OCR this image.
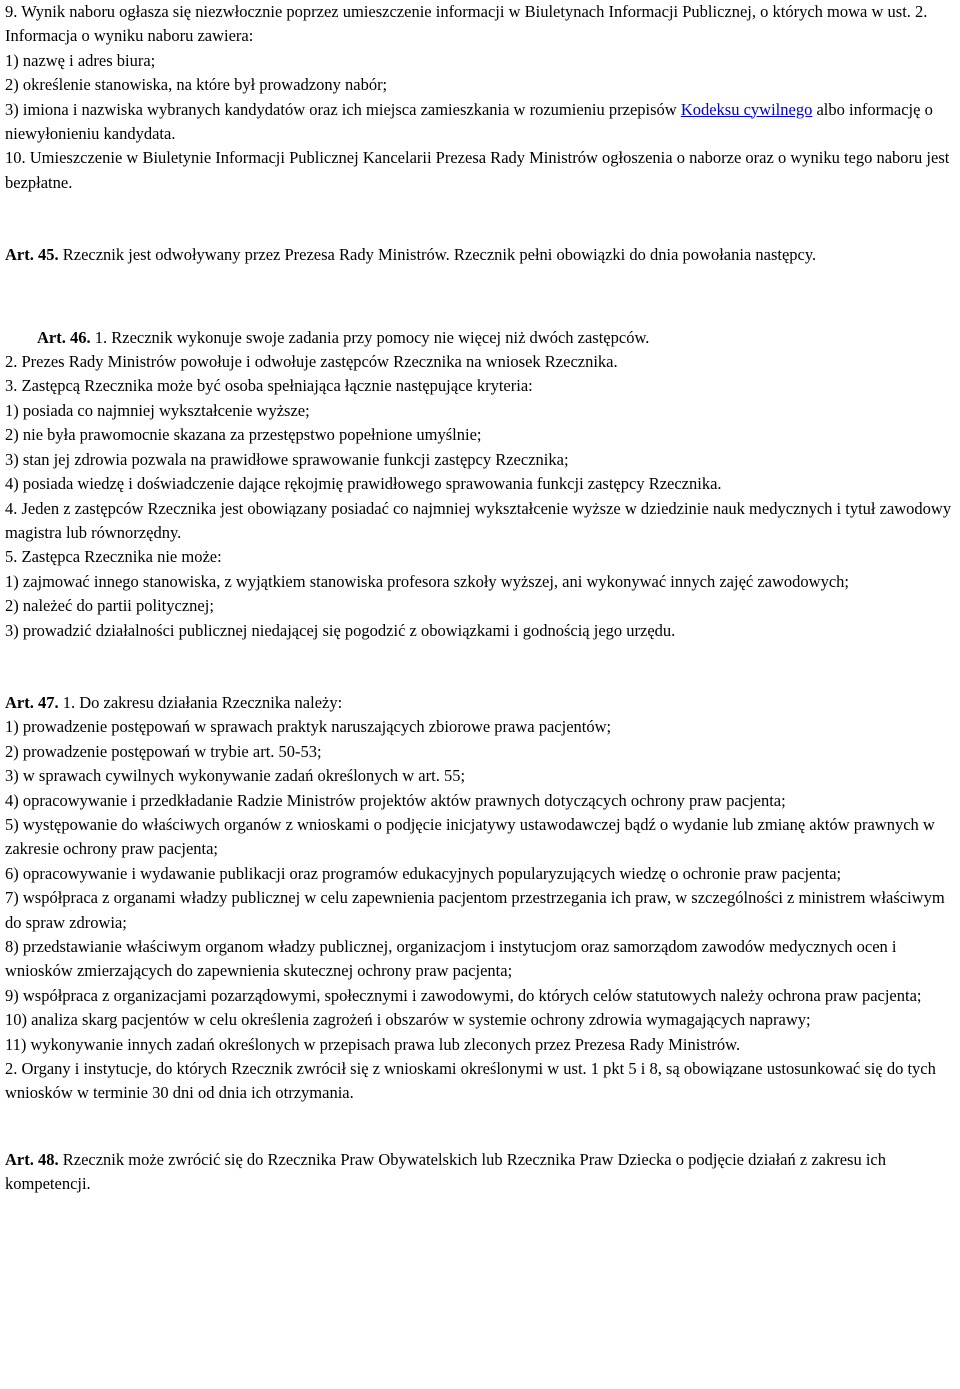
9. Wynik naboru ogłasza się niezwłocznie poprzez umieszczenie informacji w Biuletynach Informacji Publicznej, o których mowa w ust. 2. Informacja o wyniku naboru zawiera:

1) nazwę i adres biura;

2) określenie stanowiska, na które był prowadzony nabór;

3) imiona i nazwiska wybranych kandydatów oraz ich miejsca zamieszkania w rozumieniu przepisów Kodeksu cywilnego albo informację o niewyłonieniu kandydata.

10. Umieszczenie w Biuletynie Informacji Publicznej Kancelarii Prezesa Rady Ministrów ogłoszenia o naborze oraz o wyniku tego naboru jest bezpłatne.

Art. 45. Rzecznik jest odwoływany przez Prezesa Rady Ministrów. Rzecznik pełni obowiązki do dnia powołania następcy.

Art. 46. 1. Rzecznik wykonuje swoje zadania przy pomocy nie więcej niż dwóch zastępców.

2. Prezes Rady Ministrów powołuje i odwołuje zastępców Rzecznika na wniosek Rzecznika.

3. Zastępcą Rzecznika może być osoba spełniająca łącznie następujące kryteria:

1) posiada co najmniej wykształcenie wyższe;

2) nie była prawomocnie skazana za przestępstwo popełnione umyślnie;

3) stan jej zdrowia pozwala na prawidłowe sprawowanie funkcji zastępcy Rzecznika;

4) posiada wiedzę i doświadczenie dające rękojmię prawidłowego sprawowania funkcji zastępcy Rzecznika.

4. Jeden z zastępców Rzecznika jest obowiązany posiadać co najmniej wykształcenie wyższe w dziedzinie nauk medycznych i tytuł zawodowy magistra lub równorzędny.

5. Zastępca Rzecznika nie może:

1) zajmować innego stanowiska, z wyjątkiem stanowiska profesora szkoły wyższej, ani wykonywać innych zajęć zawodowych;

2) należeć do partii politycznej;

3) prowadzić działalności publicznej niedającej się pogodzić z obowiązkami i godnością jego urzędu.

Art. 47. 1. Do zakresu działania Rzecznika należy:

1) prowadzenie postępowań w sprawach praktyk naruszających zbiorowe prawa pacjentów;

2) prowadzenie postępowań w trybie art. 50-53;

3) w sprawach cywilnych wykonywanie zadań określonych w art. 55;

4) opracowywanie i przedkładanie Radzie Ministrów projektów aktów prawnych dotyczących ochrony praw pacjenta;

5) występowanie do właściwych organów z wnioskami o podjęcie inicjatywy ustawodawczej bądź o wydanie lub zmianę aktów prawnych w zakresie ochrony praw pacjenta;

6) opracowywanie i wydawanie publikacji oraz programów edukacyjnych popularyzujących wiedzę o ochronie praw pacjenta;

7) współpraca z organami władzy publicznej w celu zapewnienia pacjentom przestrzegania ich praw, w szczególności z ministrem właściwym do spraw zdrowia;

8) przedstawianie właściwym organom władzy publicznej, organizacjom i instytucjom oraz samorządom zawodów medycznych ocen i wniosków zmierzających do zapewnienia skutecznej ochrony praw pacjenta;

9) współpraca z organizacjami pozarządowymi, społecznymi i zawodowymi, do których celów statutowych należy ochrona praw pacjenta;

10) analiza skarg pacjentów w celu określenia zagrożeń i obszarów w systemie ochrony zdrowia wymagających naprawy;

11) wykonywanie innych zadań określonych w przepisach prawa lub zleconych przez Prezesa Rady Ministrów.

2. Organy i instytucje, do których Rzecznik zwrócił się z wnioskami określonymi w ust. 1 pkt 5 i 8, są obowiązane ustosunkować się do tych wniosków w terminie 30 dni od dnia ich otrzymania.

Art. 48. Rzecznik może zwrócić się do Rzecznika Praw Obywatelskich lub Rzecznika Praw Dziecka o podjęcie działań z zakresu ich kompetencji.
